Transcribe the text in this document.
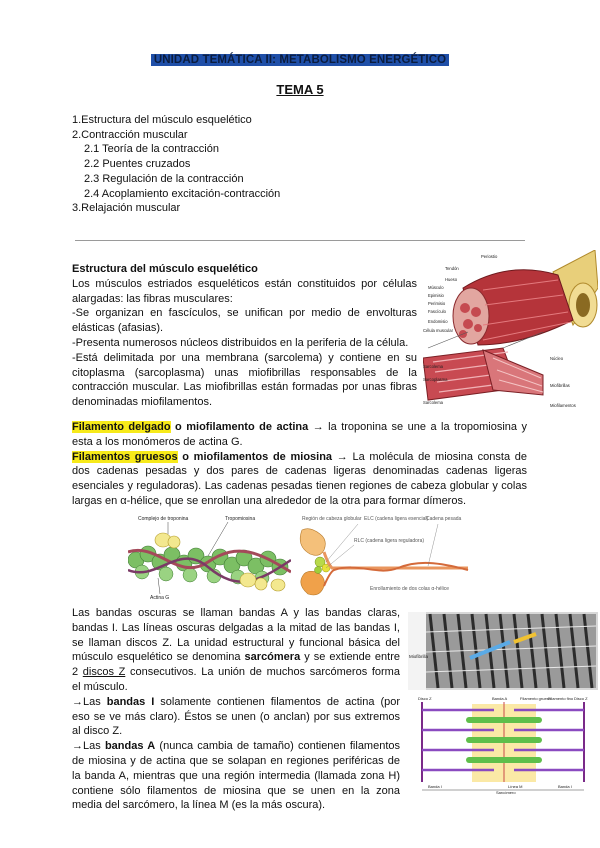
UNIDAD TEMÁTICA II: METABOLISMO ENERGÉTICO
TEMA 5
1.Estructura del músculo esquelético
2.Contracción muscular
2.1 Teoría de la contracción
2.2 Puentes cruzados
2.3 Regulación de la contracción
2.4 Acoplamiento excitación-contracción
3.Relajación muscular
Estructura del músculo esquelético
Los músculos estriados esqueléticos están constituidos por células
alargadas: las fibras musculares:
-Se organizan en fascículos, se unifican por medio de envolturas
elásticas (afasias).
-Presenta numerosos núcleos distribuidos en la periferia de la célula.
-Está delimitada por una membrana (sarcolema) y contiene en su
citoplasma (sarcoplasma) unas miofibrillas responsables de la
contracción muscular. Las miofibrillas están formadas por unas fibras
denominadas miofilamentos.
Periostio
Tendón
Hueso
Músculo
Epimisio
Perimisio
Fascículo
Endomisio
Célula muscular
Sarcolema
Sarcoplasma
Sarcolema
Núcleo
Miofibrillas
Miofilamentos
Filamento delgado o miofilamento de actina → la troponina se une a la tropomiosina y
esta a los monómeros de actina G.
Filamentos gruesos o miofilamentos de miosina → La molécula de miosina consta de
dos cadenas pesadas y dos pares de cadenas ligeras denominadas cadenas ligeras
esenciales y reguladoras). Las cadenas pesadas tienen regiones de cabeza globular y colas
largas en α-hélice, que se enrollan una alrededor de la otra para formar dímeros.
Complejo de troponina	Tropomiosina
Actina G
Región de cabeza globular ELC (cadena ligera esencial)
Cadena pesada
RLC (cadena ligera reguladora)
Enrollamiento de dos colas α-hélice
Las bandas oscuras se llaman bandas A y las bandas claras,
bandas I. Las líneas oscuras delgadas a la mitad de las bandas I,
se llaman discos Z. La unidad estructural y funcional básica del
músculo esquelético se denomina sarcómera y se extiende entre
2 discos Z consecutivos. La unión de muchos sarcómeros forma
el músculo.
→Las bandas I solamente contienen filamentos de actina (por
eso se ve más claro). Éstos se unen (o anclan) por sus extremos
al disco Z.
→Las bandas A (nunca cambia de tamaño) contienen filamentos
de miosina y de actina que se solapan en regiones periféricas de
la banda A, mientras que una región intermedia (llamada zona H)
contiene sólo filamentos de miosina que se unen en la zona
media del sarcómero, la línea M (es la más oscura).
Miofibrilla
Disco Z	Banda A	Filamento grueso
Filamento fino Disco Z
Banda I
Sarcómero
Banda I
Línea M
